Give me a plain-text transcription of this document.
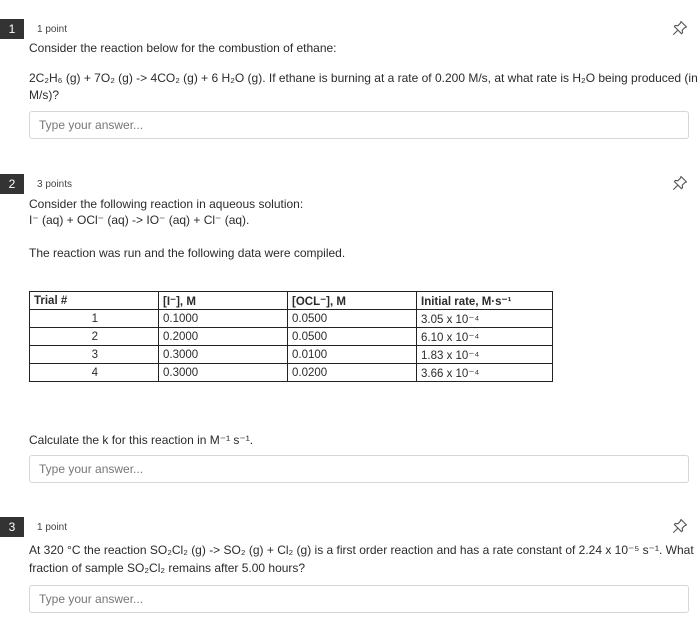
1	1 point
Consider the reaction below for the combustion of ethane:
2C₂H₆ (g) + 7O₂ (g) -> 4CO₂ (g) + 6 H₂O (g). If ethane is burning at a rate of 0.200 M/s, at what rate is H₂O being produced (in
M/s)?
Type your answer...
2	3 points
Consider the following reaction in aqueous solution:
I⁻ (aq) + OCl⁻ (aq) -> IO⁻ (aq) + Cl⁻ (aq).
The reaction was run and the following data were compiled.
Trial #	[I⁻], M	[OCL⁻], M	Initial rate, M·s⁻¹
1	0.1000	0.0500	3.05 x 10⁻⁴
2	0.2000	0.0500	6.10 x 10⁻⁴
3	0.3000	0.0100	1.83 x 10⁻⁴
4	0.3000	0.0200	3.66 x 10⁻⁴
Calculate the k for this reaction in M⁻¹ s⁻¹.
Type your answer...
3	1 point
At 320 °C the reaction SO₂Cl₂ (g) -> SO₂ (g) + Cl₂ (g) is a first order reaction and has a rate constant of 2.24 x 10⁻⁵ s⁻¹. What
fraction of sample SO₂Cl₂ remains after 5.00 hours?
Type your answer...
